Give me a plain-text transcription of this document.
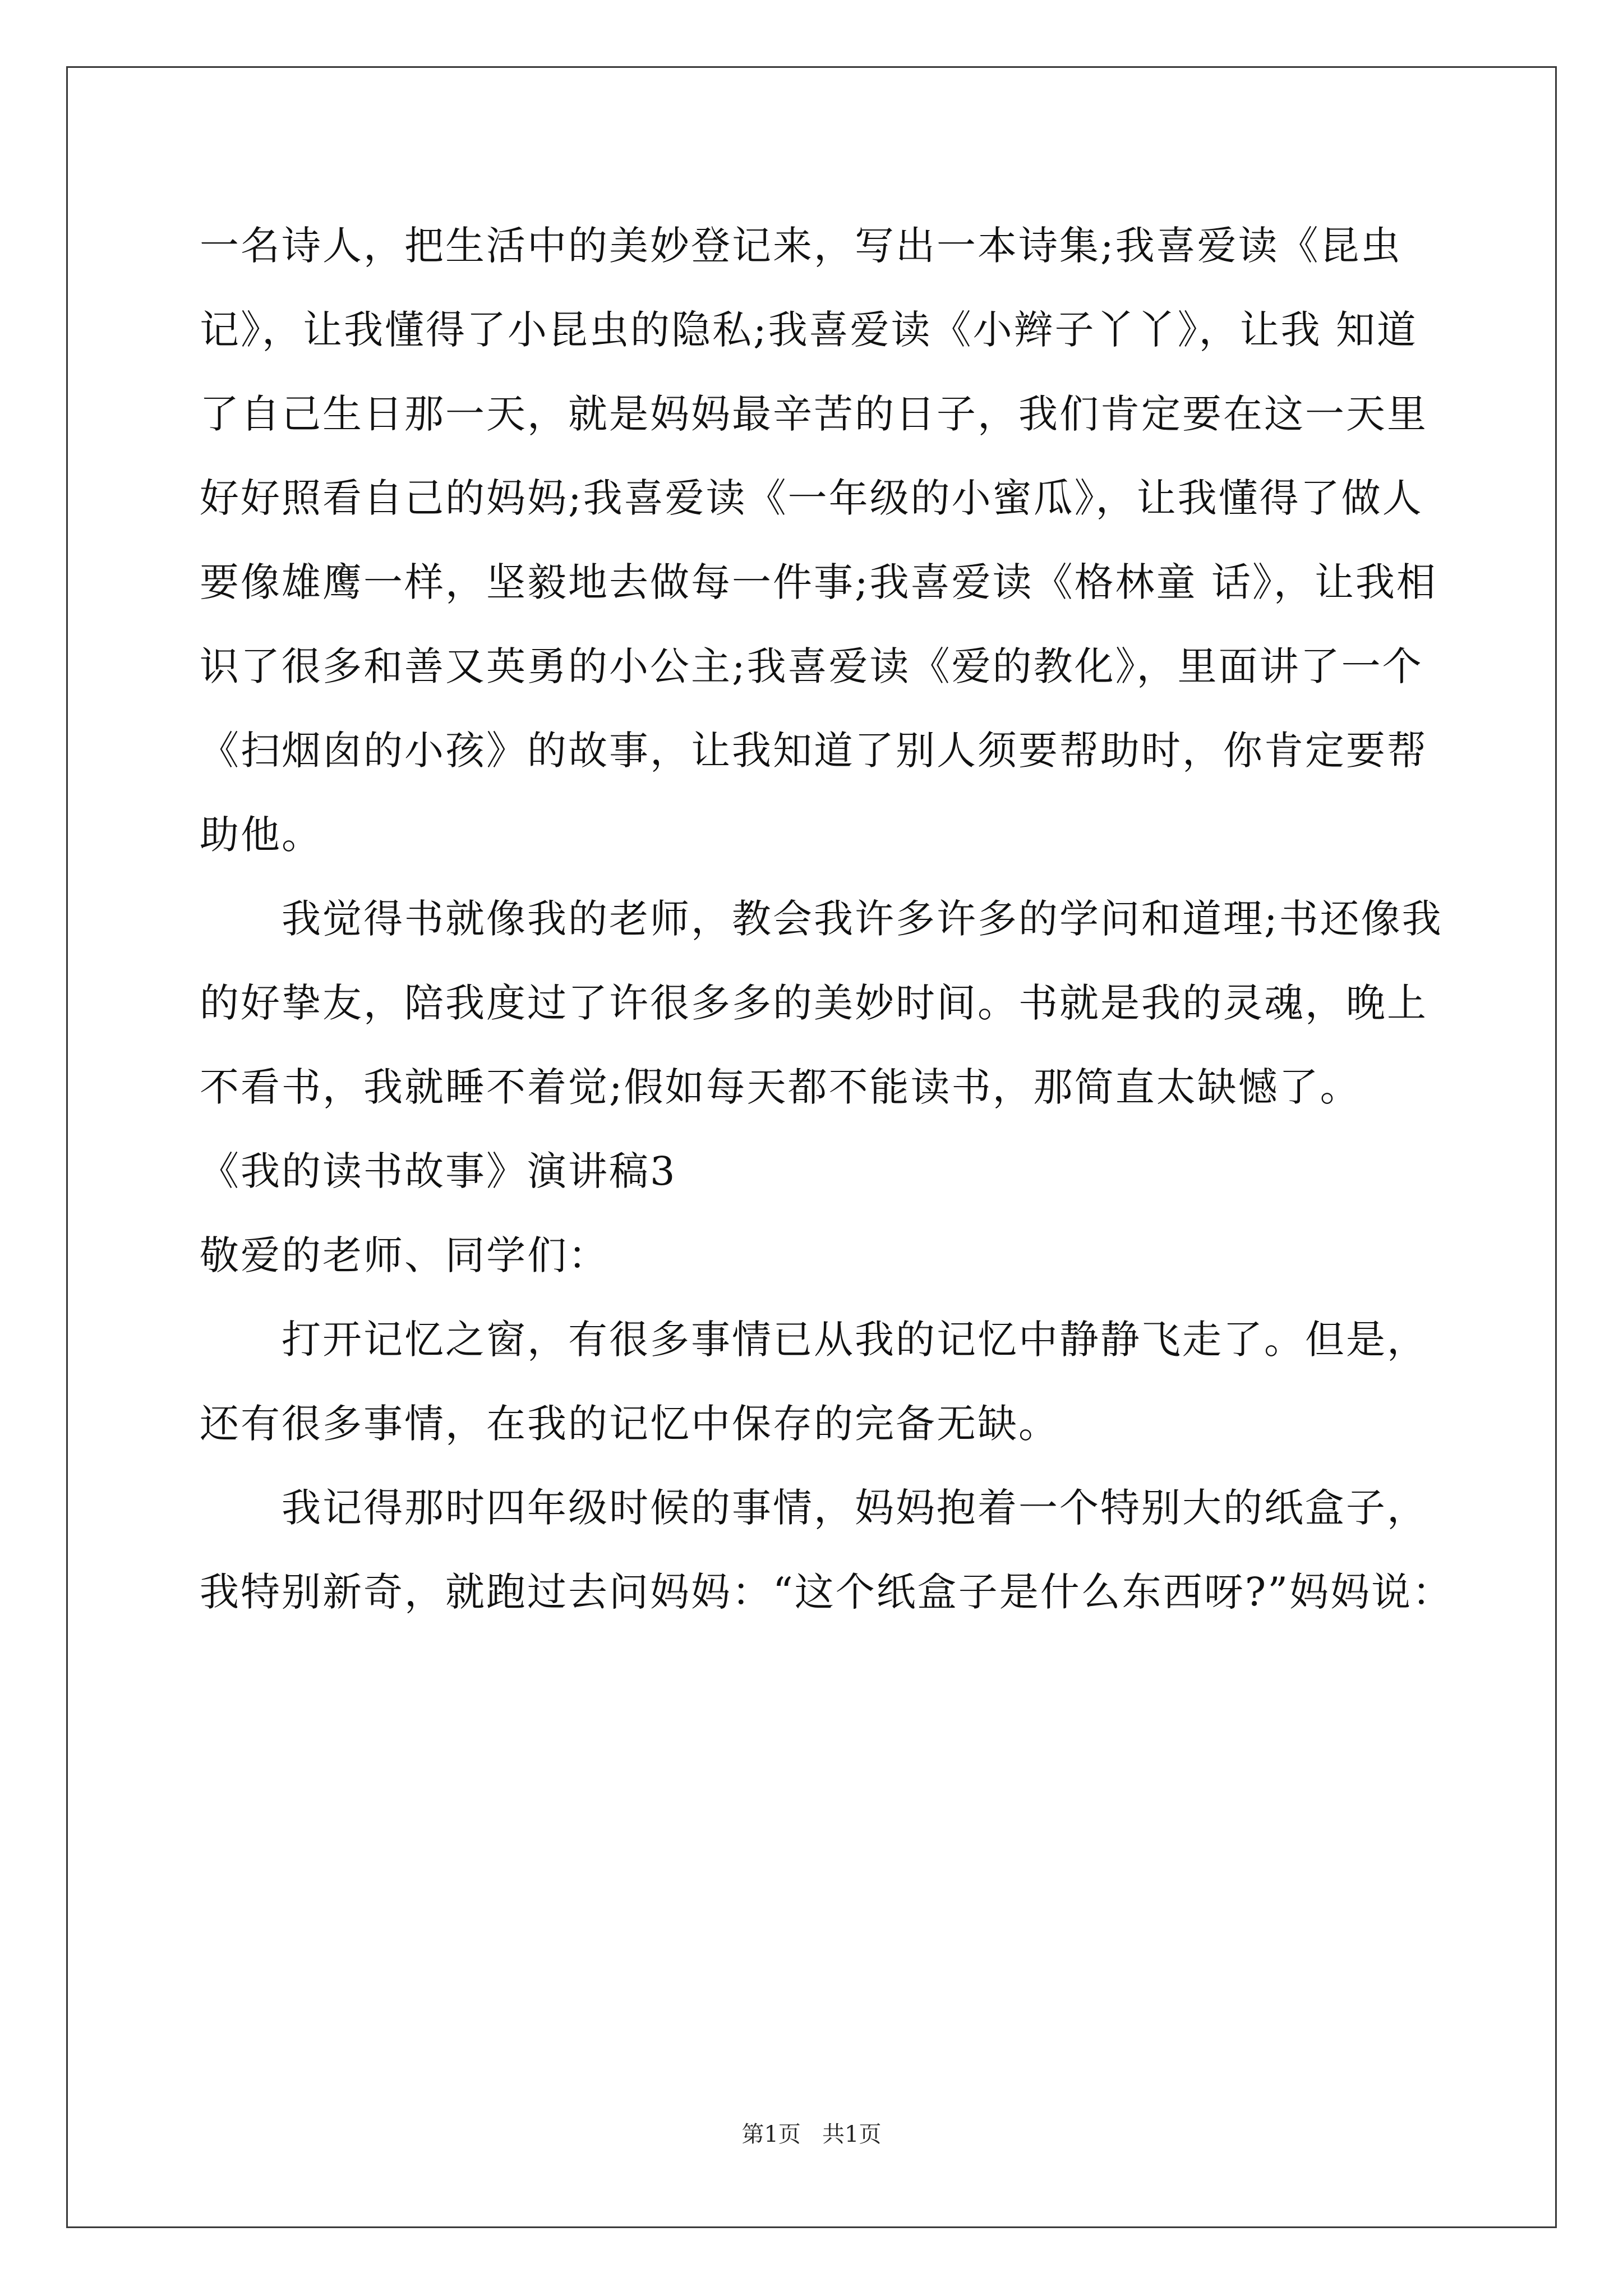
一名诗人，把生活中的美妙登记来，写出一本诗集;我喜爱读《昆虫

记》，让我懂得了小昆虫的隐私;我喜爱读《小辫子丫丫》，让我 知道

了自己生日那一天，就是妈妈最辛苦的日子，我们肯定要在这一天里

好好照看自己的妈妈;我喜爱读《一年级的小蜜瓜》，让我懂得了做人

要像雄鹰一样，坚毅地去做每一件事;我喜爱读《格林童 话》，让我相

识了很多和善又英勇的小公主;我喜爱读《爱的教化》，里面讲了一个

《扫烟囱的小孩》的故事，让我知道了别人须要帮助时，你肯定要帮

助他。

我觉得书就像我的老师，教会我许多许多的学问和道理;书还像我

的好挚友，陪我度过了许很多多的美妙时间。书就是我的灵魂，晚上

不看书，我就睡不着觉;假如每天都不能读书，那简直太缺憾了。

《我的读书故事》演讲稿3

敬爱的老师、同学们：

打开记忆之窗，有很多事情已从我的记忆中静静飞走了。但是，

还有很多事情，在我的记忆中保存的完备无缺。

我记得那时四年级时候的事情，妈妈抱着一个特别大的纸盒子，

我特别新奇，就跑过去问妈妈：“这个纸盒子是什么东西呀?”妈妈说：

第1页   共1页
